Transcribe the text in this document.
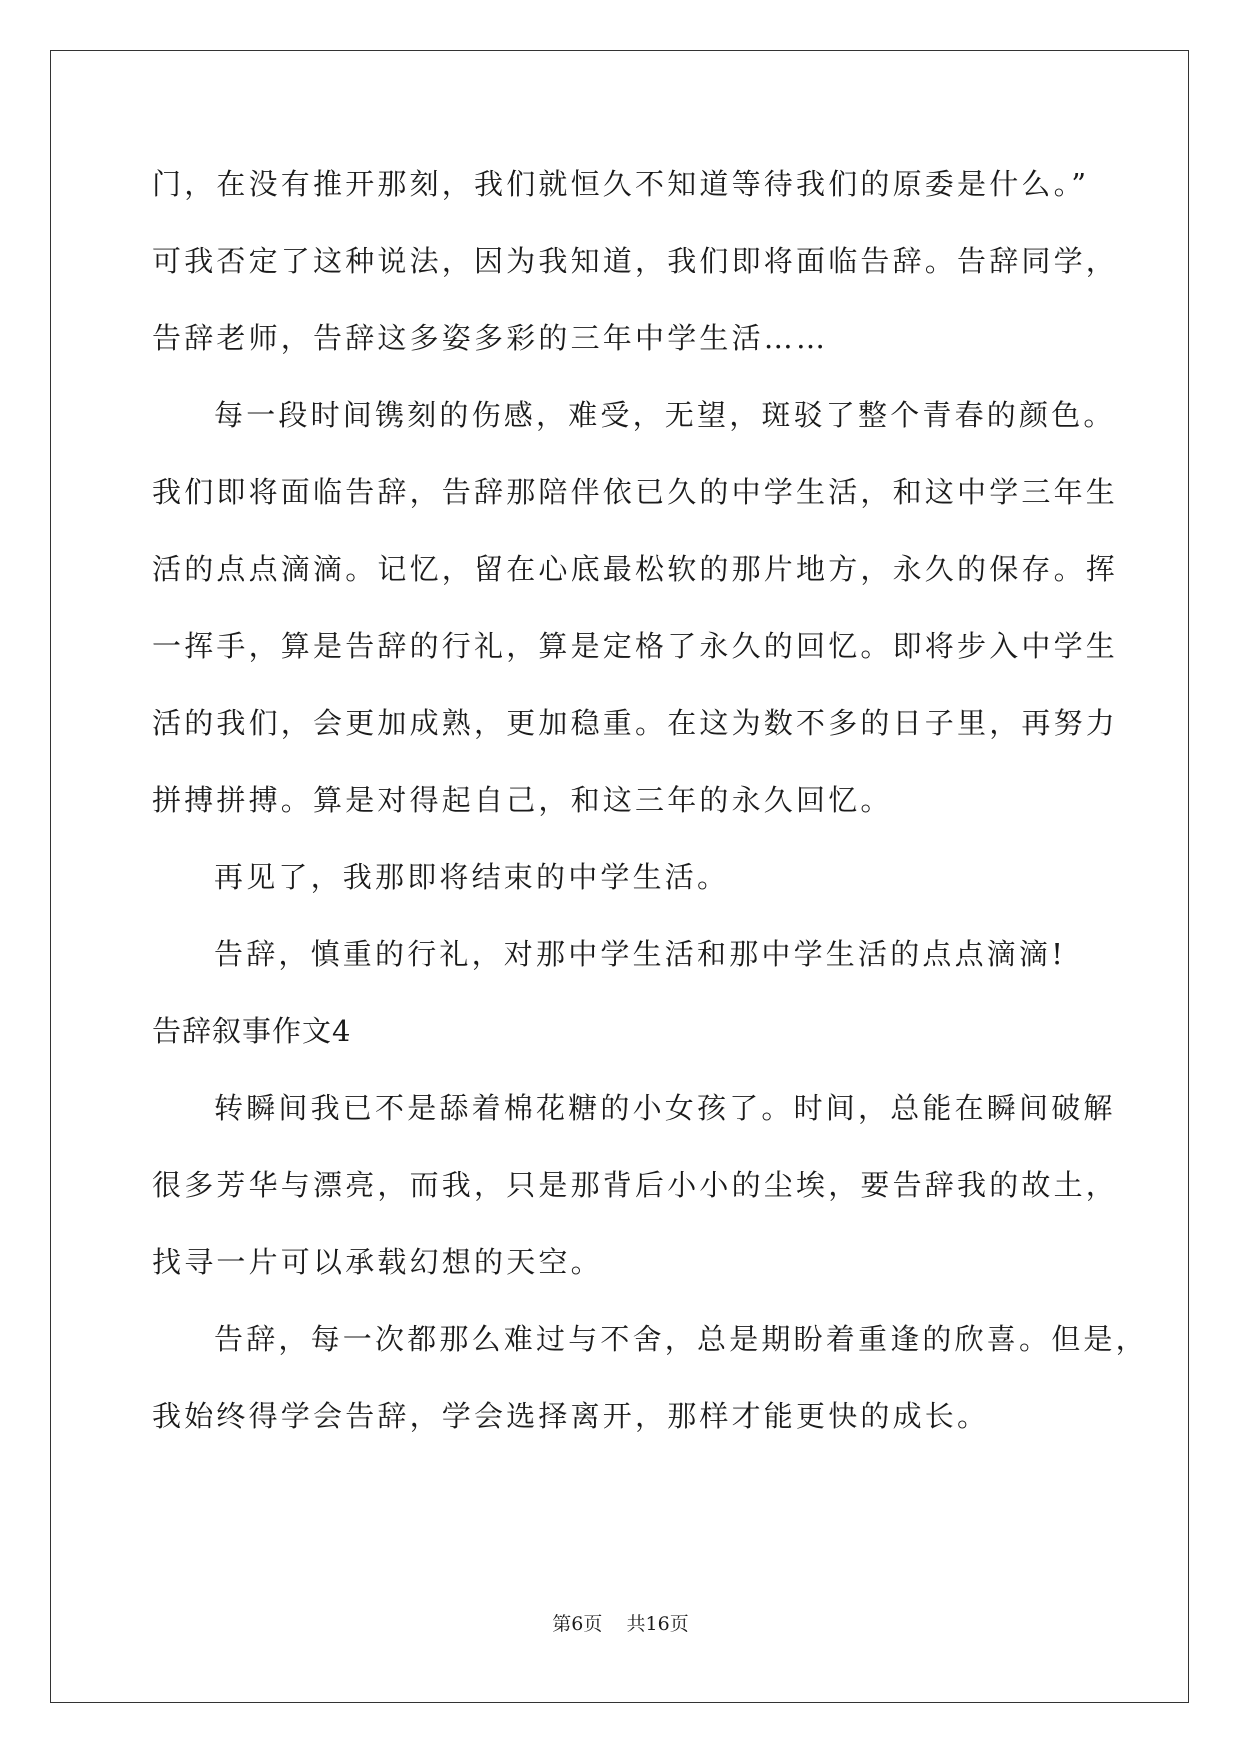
门，在没有推开那刻，我们就恒久不知道等待我们的原委是什么。”
可我否定了这种说法，因为我知道，我们即将面临告辞。告辞同学，
告辞老师，告辞这多姿多彩的三年中学生活……
每一段时间镌刻的伤感，难受，无望，斑驳了整个青春的颜色。
我们即将面临告辞，告辞那陪伴依已久的中学生活，和这中学三年生
活的点点滴滴。记忆，留在心底最松软的那片地方，永久的保存。挥
一挥手，算是告辞的行礼，算是定格了永久的回忆。即将步入中学生
活的我们，会更加成熟，更加稳重。在这为数不多的日子里，再努力
拼搏拼搏。算是对得起自己，和这三年的永久回忆。
再见了，我那即将结束的中学生活。
告辞，慎重的行礼，对那中学生活和那中学生活的点点滴滴!
告辞叙事作文4
转瞬间我已不是舔着棉花糖的小女孩了。时间，总能在瞬间破解
很多芳华与漂亮，而我，只是那背后小小的尘埃，要告辞我的故土，
找寻一片可以承载幻想的天空。
告辞，每一次都那么难过与不舍，总是期盼着重逢的欣喜。但是，
我始终得学会告辞，学会选择离开，那样才能更快的成长。
第6页    共16页
